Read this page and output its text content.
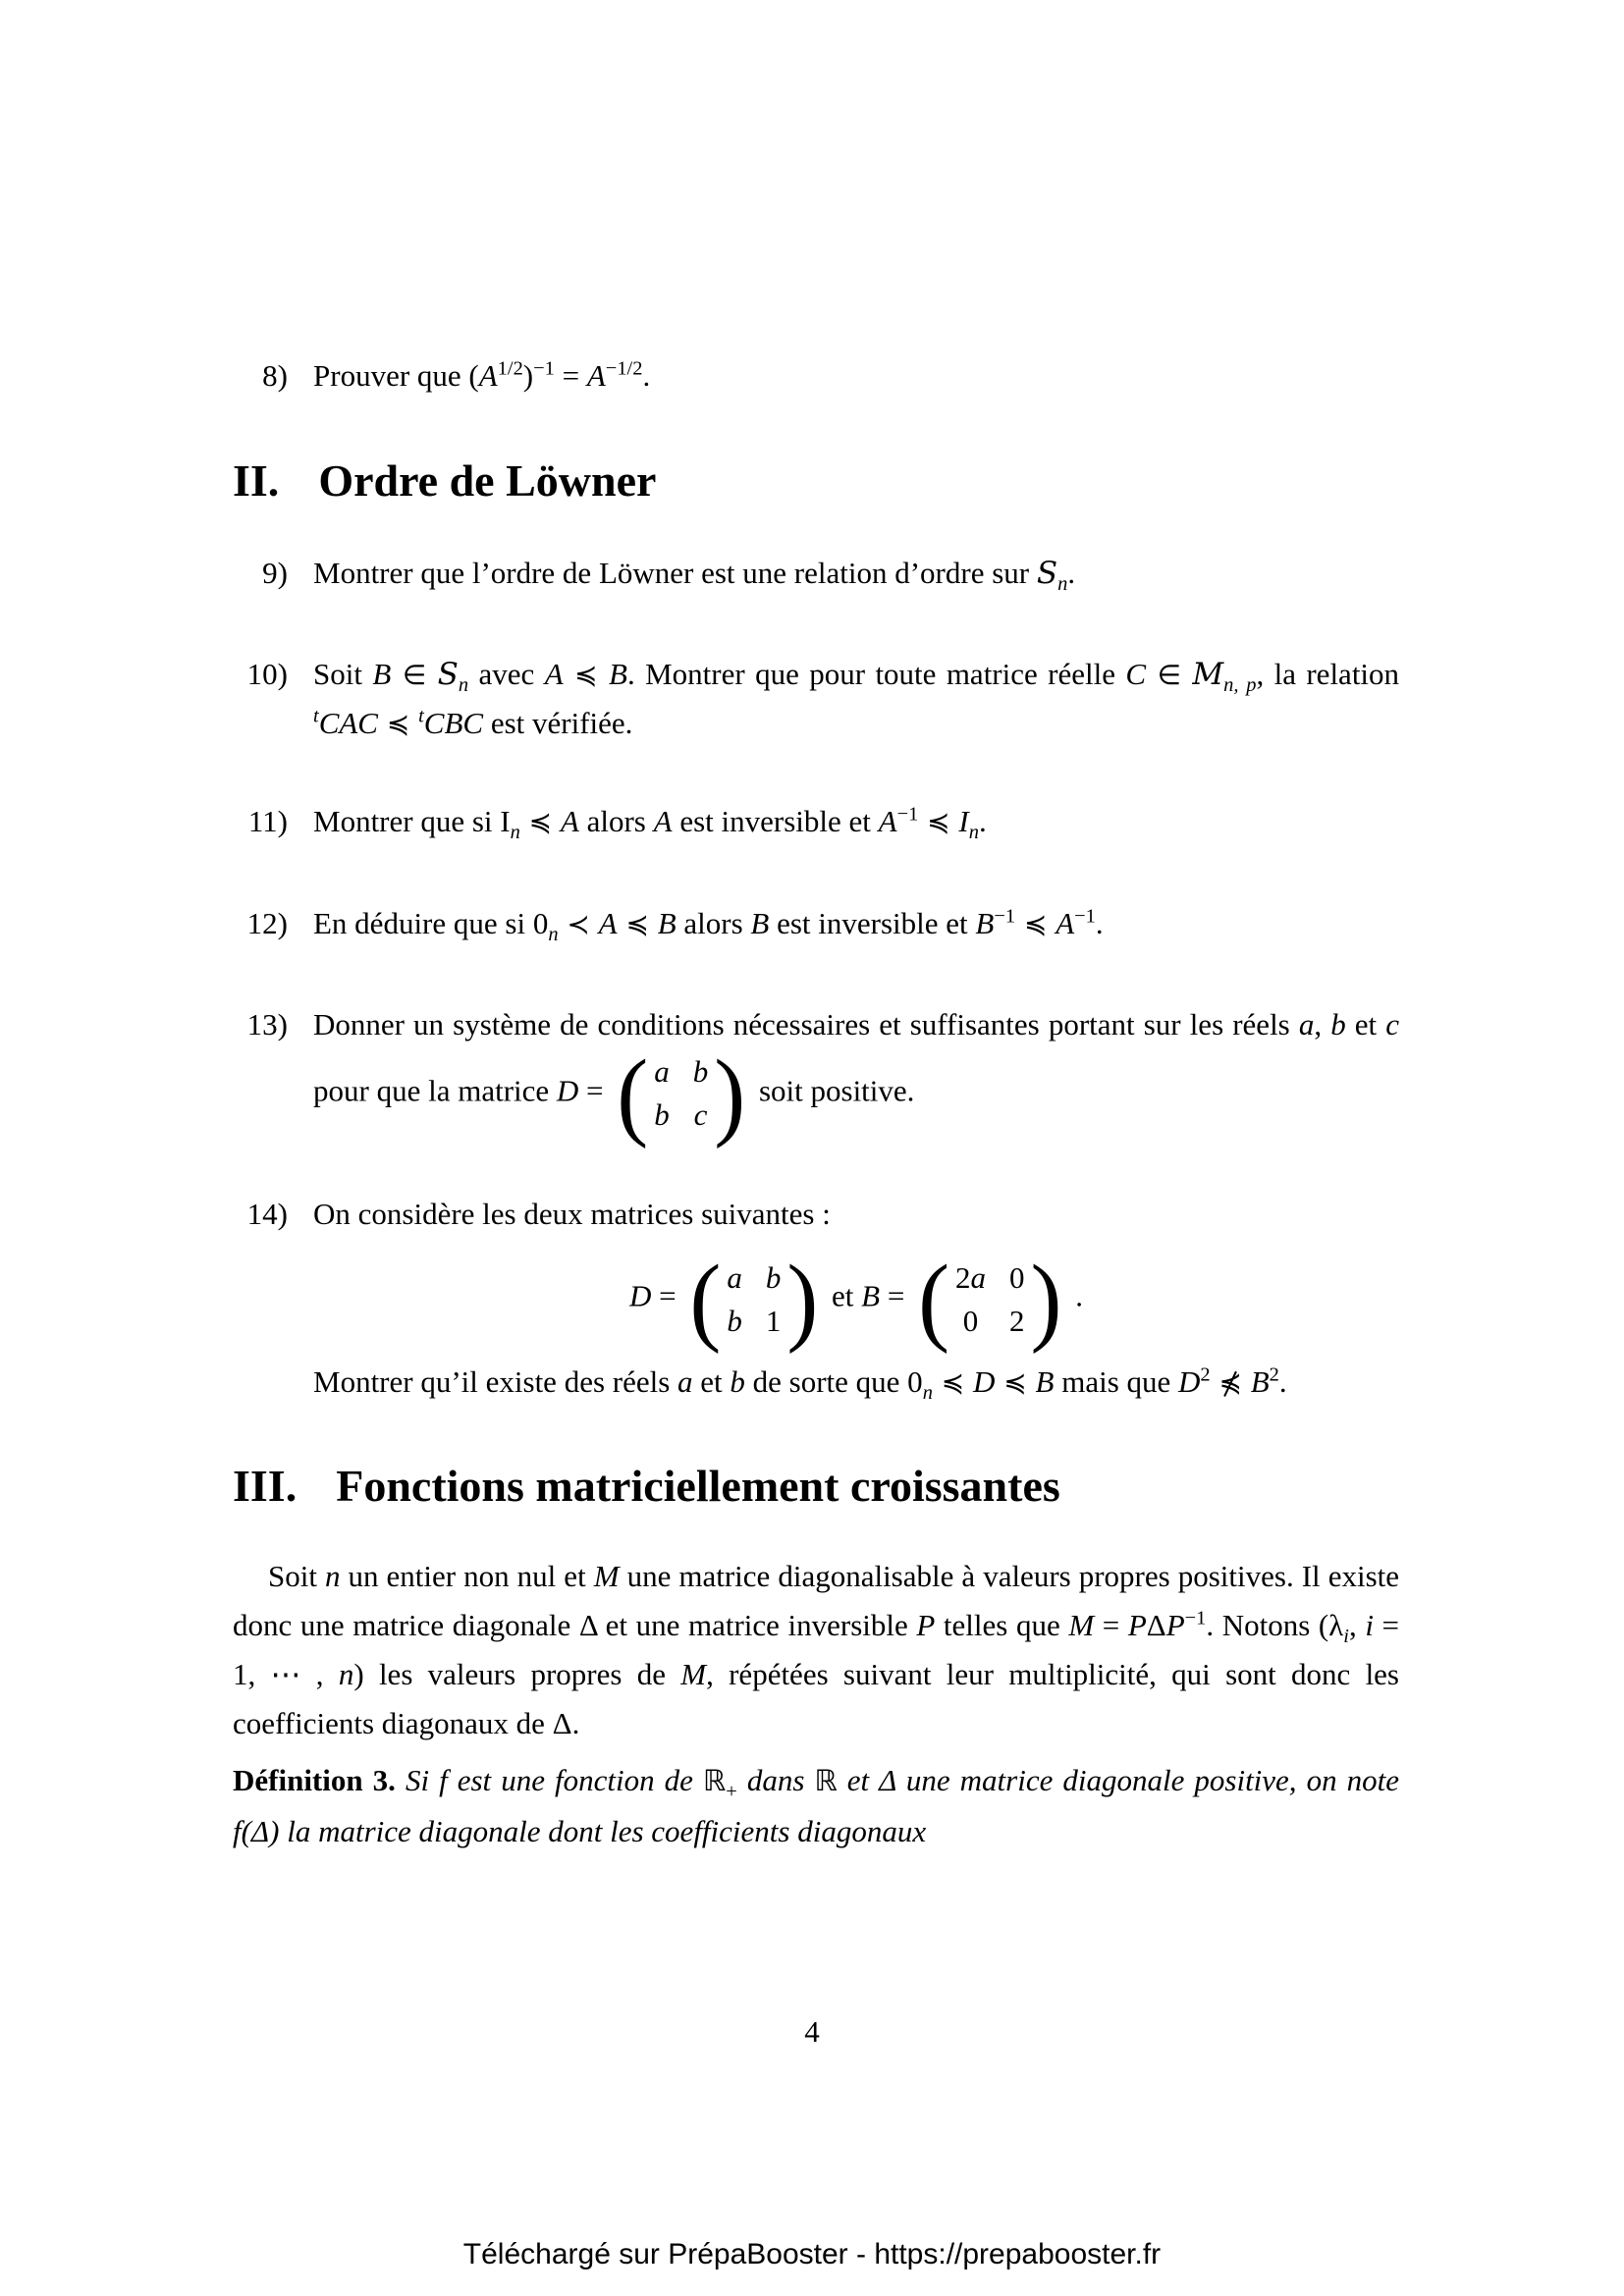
8) Prouver que $(A^{1/2})^{-1} = A^{-1/2}$.
II. Ordre de Löwner
9) Montrer que l’ordre de Löwner est une relation d’ordre sur $S_n$.
10) Soit B ∈ $S_n$ avec A ≼ B. Montrer que pour toute matrice réelle C ∈ $M_{n, p}$, la relation $^t$CAC ≼ $^t$CBC est vérifiée.
11) Montrer que si $I_n$ ≼ A alors A est inversible et $A^{-1}$ ≼ $I_n$.
12) En déduire que si $0_n$ ≺ A ≼ B alors B est inversible et $B^{-1}$ ≼ $A^{-1}$.
13) Donner un système de conditions nécessaires et suffisantes portant sur les réels a, b et c pour que la matrice D = ( a b
b c ) soit positive.
14) On considère les deux matrices suivantes :
D = ( a b
b 1 ) et B = ( 2a 0
0 2 ) .
Montrer qu’il existe des réels a et b de sorte que $0_n$ ≼ D ≼ B mais que $D^2$ ⋠ $B^2$.
III. Fonctions matriciellement croissantes
Soit n un entier non nul et M une matrice diagonalisable à valeurs propres positives. Il existe donc une matrice diagonale Δ et une matrice inversible P telles que $M = P\Delta P^{-1}$. Notons ($\lambda_i$, i = 1, ⋯ , n) les valeurs propres de M, répétées suivant leur multiplicité, qui sont donc les coefficients diagonaux de Δ.
Définition 3. Si f est une fonction de ℝ$_+$ dans ℝ et Δ une matrice diagonale positive, on note f(Δ) la matrice diagonale dont les coefficients diagonaux
4
Téléchargé sur PrépaBooster - https://prepabooster.fr
